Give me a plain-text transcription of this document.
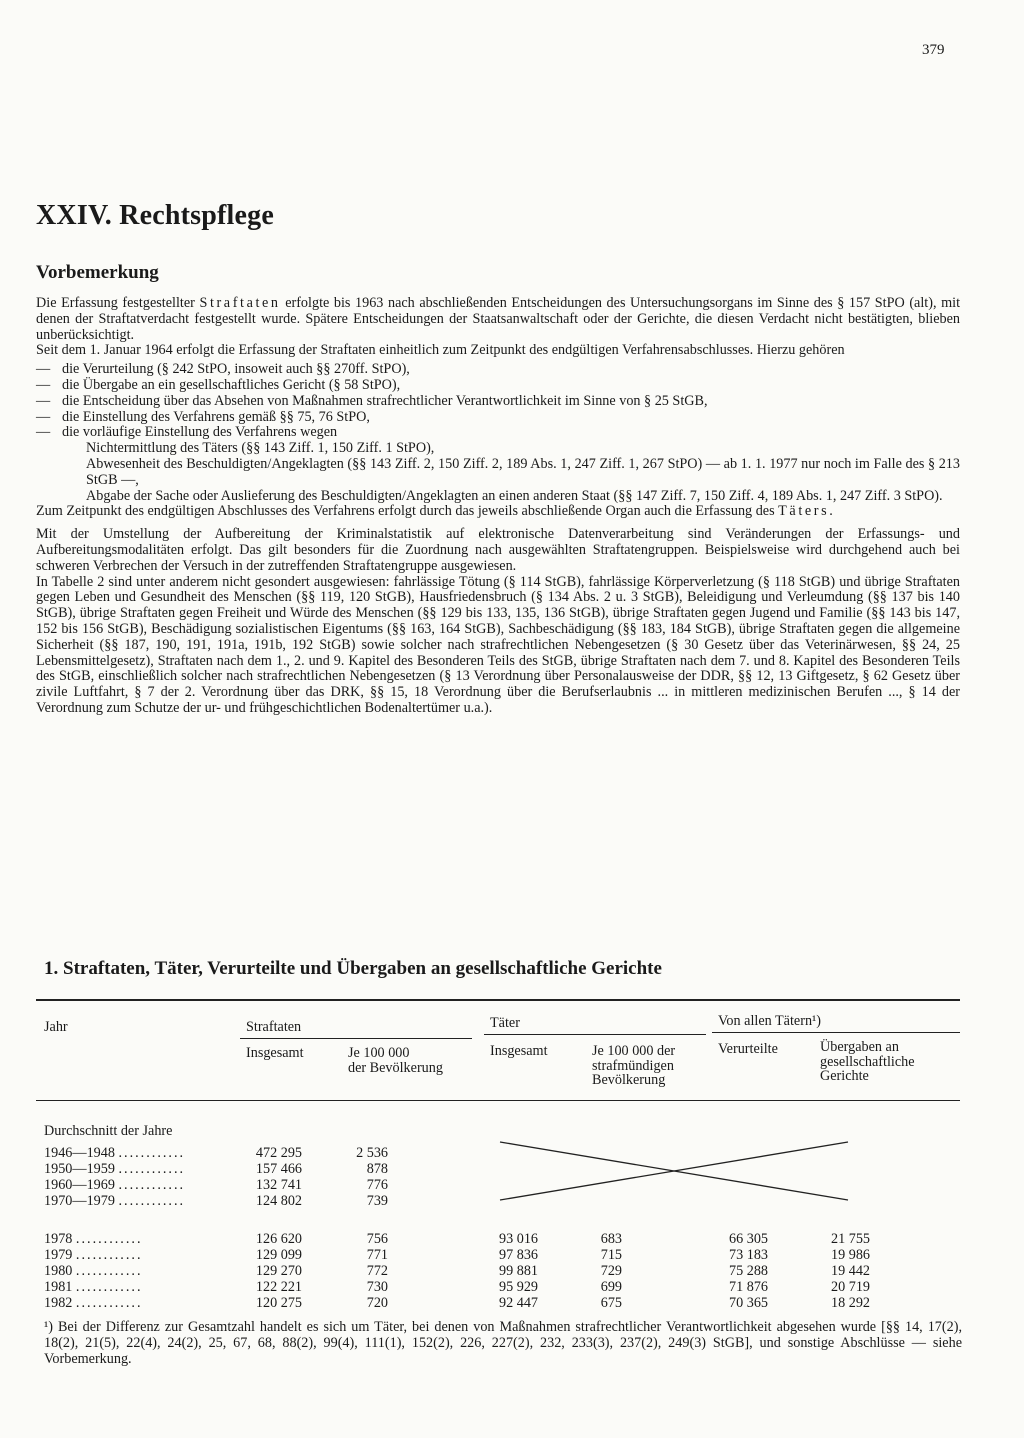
379
XXIV. Rechtspflege
Vorbemerkung

Die Erfassung festgestellter Straftaten erfolgte bis 1963 nach abschließenden Entscheidungen des Untersuchungsorgans im Sinne des § 157 StPO (alt), mit denen der Straftatverdacht festgestellt wurde. Spätere Entscheidungen der Staatsanwaltschaft oder der Gerichte, die diesen Verdacht nicht bestätigten, blieben unberücksichtigt.

Seit dem 1. Januar 1964 erfolgt die Erfassung der Straftaten einheitlich zum Zeitpunkt des endgültigen Verfahrensabschlusses. Hierzu gehören

— die Verurteilung (§ 242 StPO, insoweit auch §§ 270ff. StPO),
— die Übergabe an ein gesellschaftliches Gericht (§ 58 StPO),
— die Entscheidung über das Absehen von Maßnahmen strafrechtlicher Verantwortlichkeit im Sinne von § 25 StGB,
— die Einstellung des Verfahrens gemäß §§ 75, 76 StPO,
— die vorläufige Einstellung des Verfahrens wegen
Nichtermittlung des Täters (§§ 143 Ziff. 1, 150 Ziff. 1 StPO),
Abwesenheit des Beschuldigten/Angeklagten (§§ 143 Ziff. 2, 150 Ziff. 2, 189 Abs. 1, 247 Ziff. 1, 267 StPO) — ab 1. 1. 1977 nur noch im Falle des § 213 StGB —,
Abgabe der Sache oder Auslieferung des Beschuldigten/Angeklagten an einen anderen Staat (§§ 147 Ziff. 7, 150 Ziff. 4, 189 Abs. 1, 247 Ziff. 3 StPO).

Zum Zeitpunkt des endgültigen Abschlusses des Verfahrens erfolgt durch das jeweils abschließende Organ auch die Erfassung des Täters.

Mit der Umstellung der Aufbereitung der Kriminalstatistik auf elektronische Datenverarbeitung sind Veränderungen der Erfassungs- und Aufbereitungsmodalitäten erfolgt. Das gilt besonders für die Zuordnung nach ausgewählten Straftatengruppen. Beispielsweise wird durchgehend auch bei schweren Verbrechen der Versuch in der zutreffenden Straftatengruppe ausgewiesen.

In Tabelle 2 sind unter anderem nicht gesondert ausgewiesen: fahrlässige Tötung (§ 114 StGB), fahrlässige Körperverletzung (§ 118 StGB) und übrige Straftaten gegen Leben und Gesundheit des Menschen (§§ 119, 120 StGB), Hausfriedensbruch (§ 134 Abs. 2 u. 3 StGB), Beleidigung und Verleumdung (§§ 137 bis 140 StGB), übrige Straftaten gegen Freiheit und Würde des Menschen (§§ 129 bis 133, 135, 136 StGB), übrige Straftaten gegen Jugend und Familie (§§ 143 bis 147, 152 bis 156 StGB), Beschädigung sozialistischen Eigentums (§§ 163, 164 StGB), Sachbeschädigung (§§ 183, 184 StGB), übrige Straftaten gegen die allgemeine Sicherheit (§§ 187, 190, 191, 191a, 191b, 192 StGB) sowie solcher nach strafrechtlichen Nebengesetzen (§ 30 Gesetz über das Veterinärwesen, §§ 24, 25 Lebensmittelgesetz), Straftaten nach dem 1., 2. und 9. Kapitel des Besonderen Teils des StGB, übrige Straftaten nach dem 7. und 8. Kapitel des Besonderen Teils des StGB, einschließlich solcher nach strafrechtlichen Nebengesetzen (§ 13 Verordnung über Personalausweise der DDR, §§ 12, 13 Giftgesetz, § 62 Gesetz über zivile Luftfahrt, § 7 der 2. Verordnung über das DRK, §§ 15, 18 Verordnung über die Berufserlaubnis ... in mittleren medizinischen Berufen ..., § 14 der Verordnung zum Schutze der ur- und frühgeschichtlichen Bodenaltertümer u.a.).

1. Straftaten, Täter, Verurteilte und Übergaben an gesellschaftliche Gerichte
Jahr	Straftaten
Insgesamt	Je 100 000
der Bevölkerung
Täter
Insgesamt	Je 100 000 der
strafmündigen
Bevölkerung
Von allen Tätern¹)
Verurteilte	Übergaben an
gesellschaftliche
Gerichte
Durchschnitt der Jahre
1946—1948 ............	472 295	2 536
1950—1959 ............	157 466	878
1960—1969 ............	132 741	776
1970—1979 ............	124 802	739
1978 ............	126 620	756	93 016	683	66 305	21 755
1979 ............	129 099	771	97 836	715	73 183	19 986
1980 ............	129 270	772	99 881	729	75 288	19 442
1981 ............	122 221	730	95 929	699	71 876	20 719
1982 ............	120 275	720	92 447	675	70 365	18 292
¹) Bei der Differenz zur Gesamtzahl handelt es sich um Täter, bei denen von Maßnahmen strafrechtlicher Verantwortlichkeit abgesehen wurde [§§ 14, 17(2), 18(2), 21(5), 22(4), 24(2), 25, 67, 68, 88(2), 99(4), 111(1), 152(2), 226, 227(2), 232, 233(3), 237(2), 249(3) StGB], und sonstige Abschlüsse — siehe Vorbemerkung.
